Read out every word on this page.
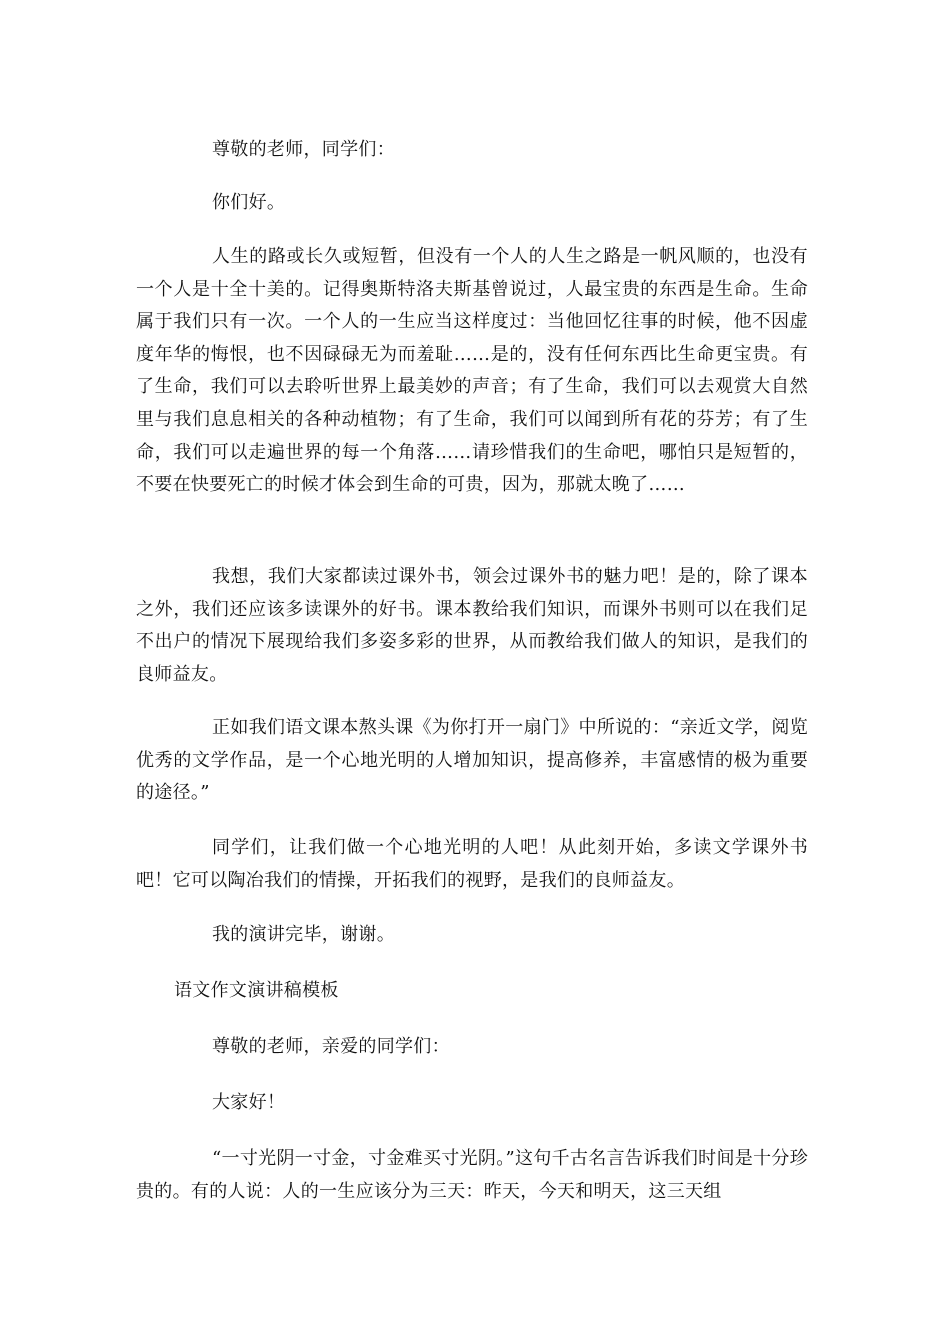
尊敬的老师，同学们：

你们好。

人生的路或长久或短暂，但没有一个人的人生之路是一帆风顺的，也没有一个人是十全十美的。记得奥斯特洛夫斯基曾说过，人最宝贵的东西是生命。生命属于我们只有一次。一个人的一生应当这样度过：当他回忆往事的时候，他不因虚度年华的悔恨，也不因碌碌无为而羞耻……是的，没有任何东西比生命更宝贵。有了生命，我们可以去聆听世界上最美妙的声音；有了生命，我们可以去观赏大自然里与我们息息相关的各种动植物；有了生命，我们可以闻到所有花的芬芳；有了生命，我们可以走遍世界的每一个角落……请珍惜我们的生命吧，哪怕只是短暂的，不要在快要死亡的时候才体会到生命的可贵，因为，那就太晚了……

我想，我们大家都读过课外书，领会过课外书的魅力吧！是的，除了课本之外，我们还应该多读课外的好书。课本教给我们知识，而课外书则可以在我们足不出户的情况下展现给我们多姿多彩的世界，从而教给我们做人的知识，是我们的良师益友。

正如我们语文课本熬头课《为你打开一扇门》中所说的：“亲近文学，阅览优秀的文学作品，是一个心地光明的人增加知识，提高修养，丰富感情的极为重要的途径。”

同学们，让我们做一个心地光明的人吧！从此刻开始，多读文学课外书吧！它可以陶冶我们的情操，开拓我们的视野，是我们的良师益友。

我的演讲完毕，谢谢。

语文作文演讲稿模板

尊敬的老师，亲爱的同学们：

大家好！

“一寸光阴一寸金，寸金难买寸光阴。”这句千古名言告诉我们时间是十分珍贵的。有的人说：人的一生应该分为三天：昨天，今天和明天，这三天组
